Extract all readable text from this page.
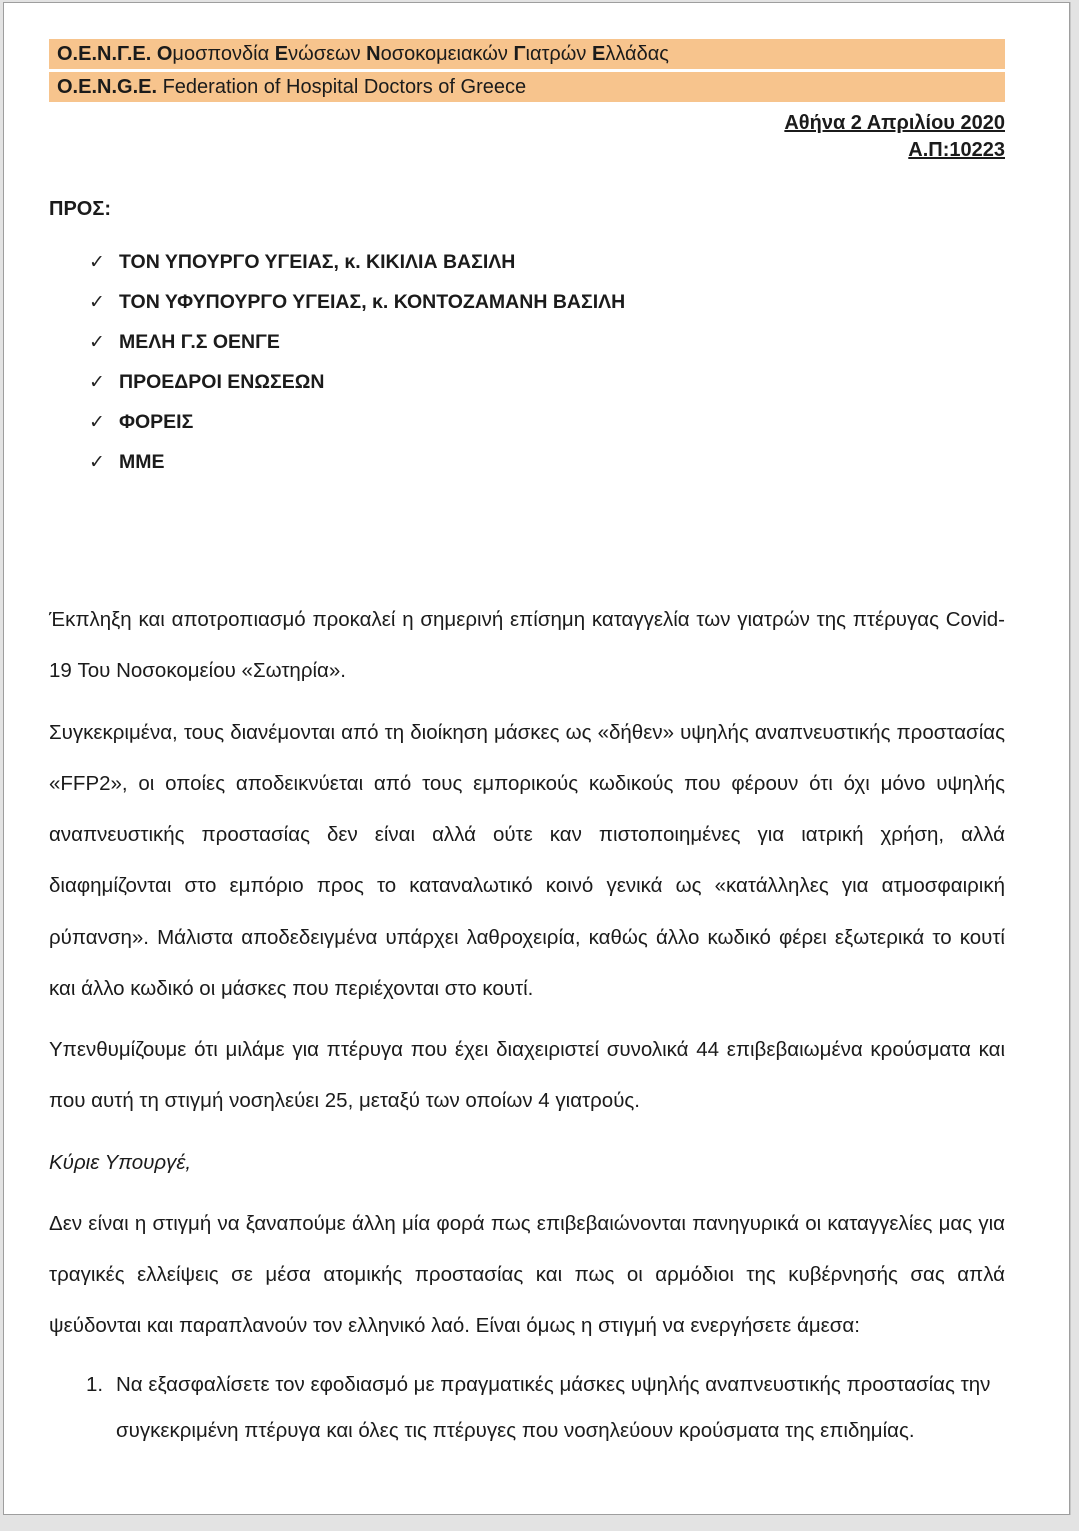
Ο.Ε.Ν.Γ.Ε. Ομοσπονδία Ενώσεων Νοσοκομειακών Γιατρών Ελλάδας
O.E.N.G.E. Federation of Hospital Doctors of Greece
Αθήνα 2 Απριλίου 2020
Α.Π:10223
ΠΡΟΣ:
✓ ΤΟΝ ΥΠΟΥΡΓΟ ΥΓΕΙΑΣ, κ. ΚΙΚΙΛΙΑ ΒΑΣΙΛΗ
✓ ΤΟΝ ΥΦΥΠΟΥΡΓΟ ΥΓΕΙΑΣ, κ. ΚΟΝΤΟΖΑΜΑΝΗ ΒΑΣΙΛΗ
✓ ΜΕΛΗ Γ.Σ ΟΕΝΓΕ
✓ ΠΡΟΕΔΡΟΙ ΕΝΩΣΕΩΝ
✓ ΦΟΡΕΙΣ
✓ ΜΜΕ

Έκπληξη και αποτροπιασμό προκαλεί η σημερινή επίσημη καταγγελία των γιατρών της πτέρυγας Covid-19 Του Νοσοκομείου «Σωτηρία».

Συγκεκριμένα, τους διανέμονται από τη διοίκηση μάσκες ως «δήθεν» υψηλής αναπνευστικής προστασίας «FFP2», οι οποίες αποδεικνύεται από τους εμπορικούς κωδικούς που φέρουν ότι όχι μόνο υψηλής αναπνευστικής προστασίας δεν είναι αλλά ούτε καν πιστοποιημένες για ιατρική χρήση, αλλά διαφημίζονται στο εμπόριο προς το καταναλωτικό κοινό γενικά ως «κατάλληλες για ατμοσφαιρική ρύπανση». Μάλιστα αποδεδειγμένα υπάρχει λαθροχειρία, καθώς άλλο κωδικό φέρει εξωτερικά το κουτί και άλλο κωδικό οι μάσκες που περιέχονται στο κουτί.

Υπενθυμίζουμε ότι μιλάμε για πτέρυγα που έχει διαχειριστεί συνολικά 44 επιβεβαιωμένα κρούσματα και που αυτή τη στιγμή νοσηλεύει 25, μεταξύ των οποίων 4 γιατρούς.

Κύριε Υπουργέ,

Δεν είναι η στιγμή να ξαναπούμε άλλη μία φορά πως επιβεβαιώνονται πανηγυρικά οι καταγγελίες μας για τραγικές ελλείψεις σε μέσα ατομικής προστασίας και πως οι αρμόδιοι της κυβέρνησής σας απλά ψεύδονται και παραπλανούν τον ελληνικό λαό. Είναι όμως η στιγμή να ενεργήσετε άμεσα:

1. Να εξασφαλίσετε τον εφοδιασμό με πραγματικές μάσκες υψηλής αναπνευστικής προστασίας την συγκεκριμένη πτέρυγα και όλες τις πτέρυγες που νοσηλεύουν κρούσματα της επιδημίας.
